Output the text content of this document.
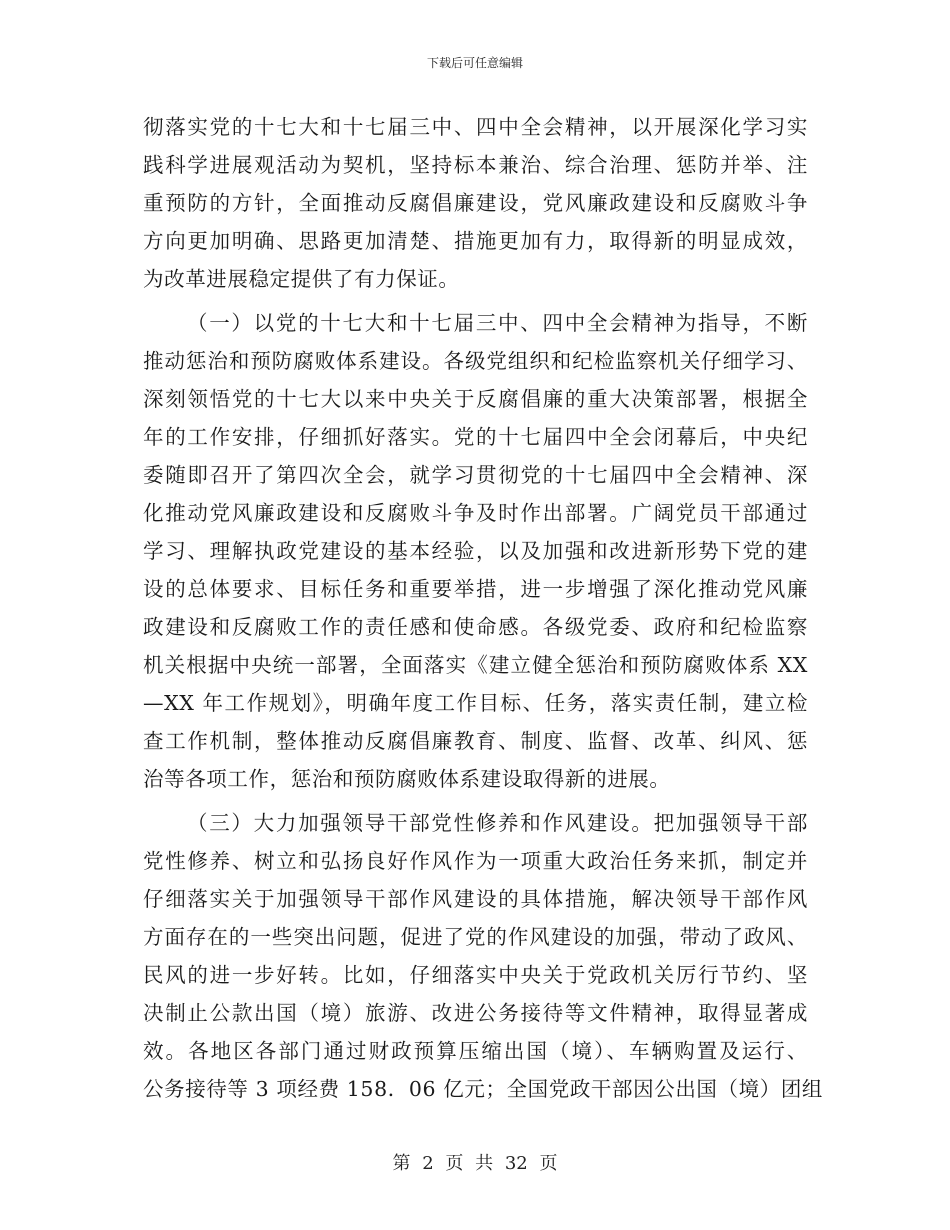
下载后可任意编辑
彻落实党的十七大和十七届三中、四中全会精神，以开展深化学习实
践科学进展观活动为契机，坚持标本兼治、综合治理、惩防并举、注
重预防的方针，全面推动反腐倡廉建设，党风廉政建设和反腐败斗争
方向更加明确、思路更加清楚、措施更加有力，取得新的明显成效，
为改革进展稳定提供了有力保证。
（一）以党的十七大和十七届三中、四中全会精神为指导，不断
推动惩治和预防腐败体系建设。各级党组织和纪检监察机关仔细学习、
深刻领悟党的十七大以来中央关于反腐倡廉的重大决策部署，根据全
年的工作安排，仔细抓好落实。党的十七届四中全会闭幕后，中央纪
委随即召开了第四次全会，就学习贯彻党的十七届四中全会精神、深
化推动党风廉政建设和反腐败斗争及时作出部署。广阔党员干部通过
学习、理解执政党建设的基本经验，以及加强和改进新形势下党的建
设的总体要求、目标任务和重要举措，进一步增强了深化推动党风廉
政建设和反腐败工作的责任感和使命感。各级党委、政府和纪检监察
机关根据中央统一部署，全面落实《建立健全惩治和预防腐败体系 XX
—XX 年工作规划》，明确年度工作目标、任务，落实责任制，建立检
查工作机制，整体推动反腐倡廉教育、制度、监督、改革、纠风、惩
治等各项工作，惩治和预防腐败体系建设取得新的进展。
（三）大力加强领导干部党性修养和作风建设。把加强领导干部
党性修养、树立和弘扬良好作风作为一项重大政治任务来抓，制定并
仔细落实关于加强领导干部作风建设的具体措施，解决领导干部作风
方面存在的一些突出问题，促进了党的作风建设的加强，带动了政风、
民风的进一步好转。比如，仔细落实中央关于党政机关厉行节约、坚
决制止公款出国（境）旅游、改进公务接待等文件精神，取得显著成
效。各地区各部门通过财政预算压缩出国（境）、车辆购置及运行、
公务接待等 3 项经费 158．06 亿元；全国党政干部因公出国（境）团组
第 2 页 共 32 页
